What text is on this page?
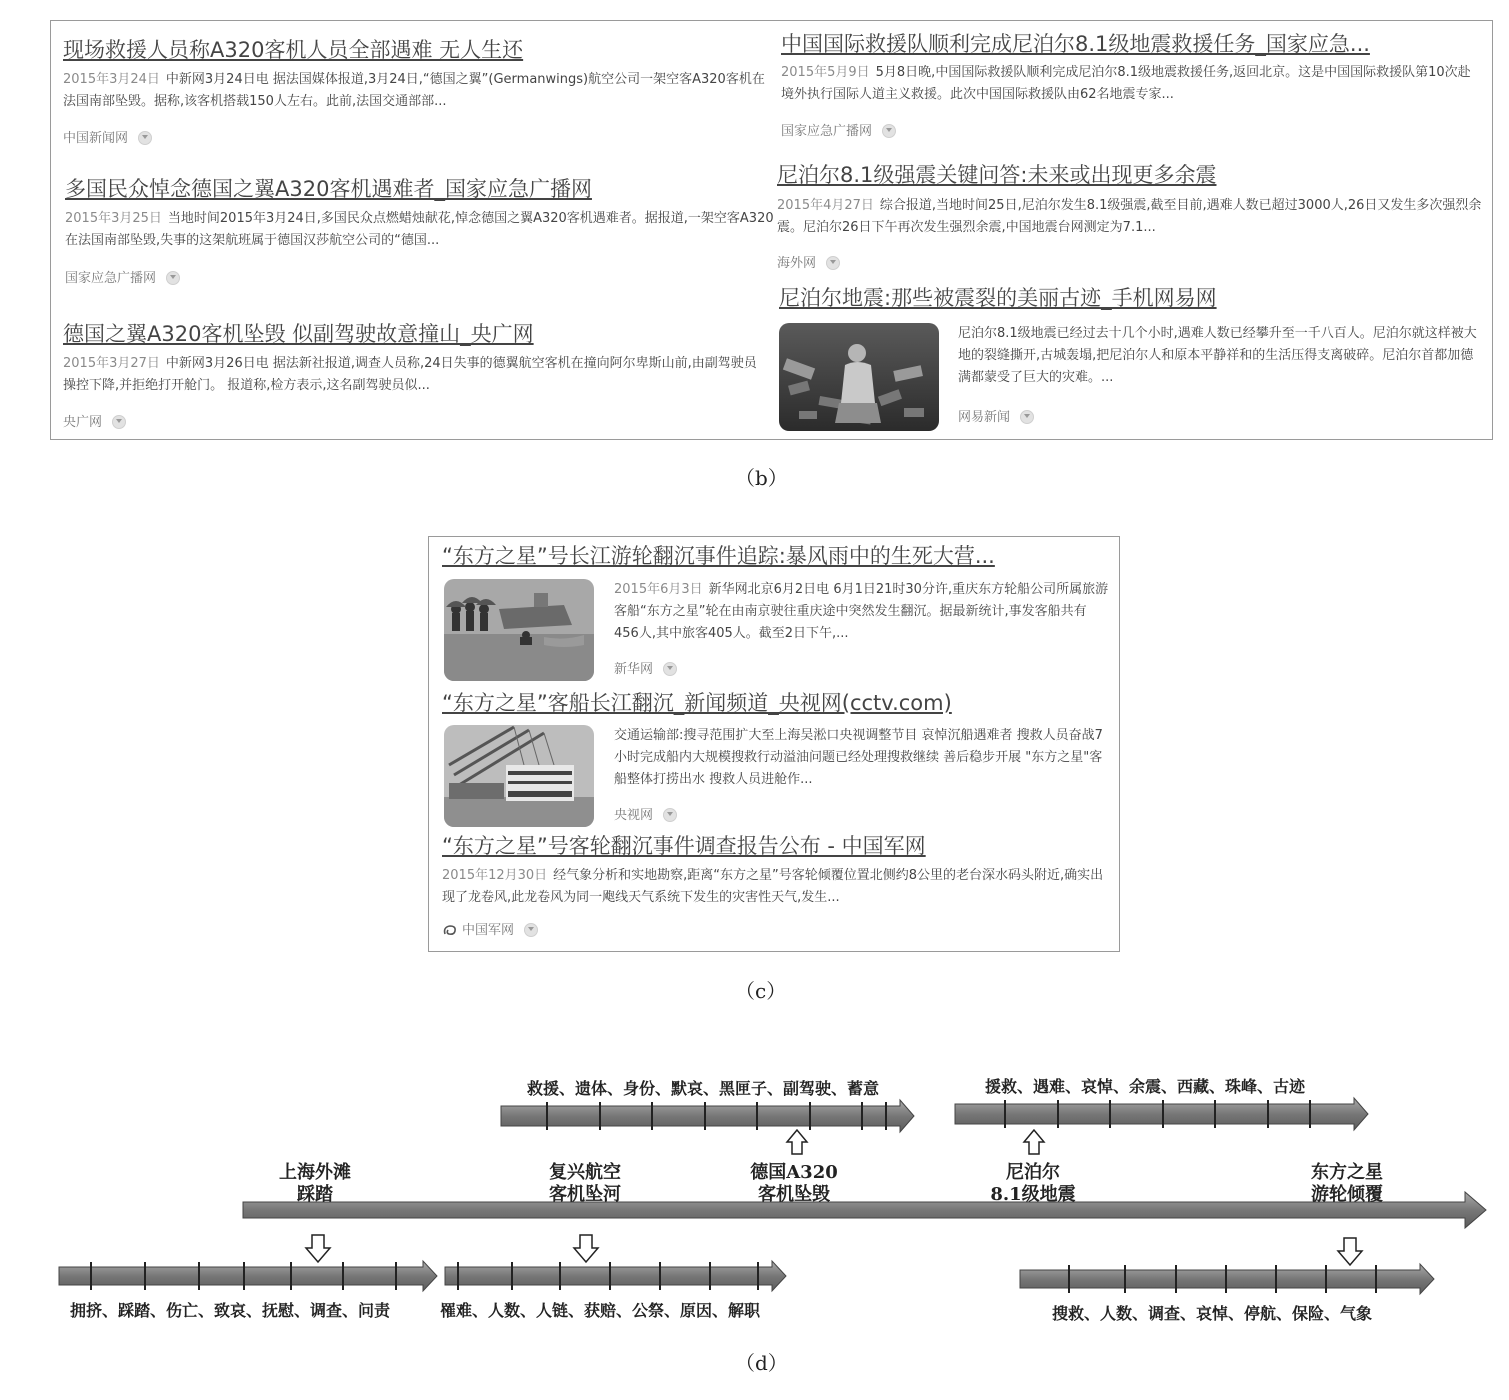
现场救援人员称A320客机人员全部遇难 无人生还
2015年3月24日 中新网3月24日电 据法国媒体报道,3月24日,“德国之翼”(Germanwings)航空公司一架空客A320客机在法国南部坠毁。据称,该客机搭载150人左右。此前,法国交通部部...
中国新闻网
多国民众悼念德国之翼A320客机遇难者_国家应急广播网
2015年3月25日 当地时间2015年3月24日,多国民众点燃蜡烛献花,悼念德国之翼A320客机遇难者。据报道,一架空客A320在法国南部坠毁,失事的这架航班属于德国汉莎航空公司的“德国...
国家应急广播网
德国之翼A320客机坠毁 似副驾驶故意撞山_央广网
2015年3月27日 中新网3月26日电 据法新社报道,调查人员称,24日失事的德翼航空客机在撞向阿尔卑斯山前,由副驾驶员操控下降,并拒绝打开舱门。 报道称,检方表示,这名副驾驶员似...
央广网
中国国际救援队顺利完成尼泊尔8.1级地震救援任务_国家应急...
2015年5月9日 5月8日晚,中国国际救援队顺利完成尼泊尔8.1级地震救援任务,返回北京。这是中国国际救援队第10次赴境外执行国际人道主义救援。此次中国国际救援队由62名地震专家...
国家应急广播网
尼泊尔8.1级强震关键问答:未来或出现更多余震
2015年4月27日 综合报道,当地时间25日,尼泊尔发生8.1级强震,截至目前,遇难人数已超过3000人,26日又发生多次强烈余震。尼泊尔26日下午再次发生强烈余震,中国地震台网测定为7.1...
海外网
尼泊尔地震:那些被震裂的美丽古迹_手机网易网
尼泊尔8.1级地震已经过去十几个小时,遇难人数已经攀升至一千八百人。尼泊尔就这样被大地的裂缝撕开,古城轰塌,把尼泊尔人和原本平静祥和的生活压得支离破碎。尼泊尔首都加德满都蒙受了巨大的灾难。...
网易新闻
（b）
“东方之星”号长江游轮翻沉事件追踪:暴风雨中的生死大营...
2015年6月3日 新华网北京6月2日电 6月1日21时30分许,重庆东方轮船公司所属旅游客船“东方之星”轮在由南京驶往重庆途中突然发生翻沉。据最新统计,事发客船共有456人,其中旅客405人。截至2日下午,...
新华网
“东方之星”客船长江翻沉_新闻频道_央视网(cctv.com)
交通运输部:搜寻范围扩大至上海吴淞口央视调整节目 哀悼沉船遇难者 搜救人员奋战7小时完成船内大规模搜救行动溢油问题已经处理搜救继续 善后稳步开展 "东方之星"客船整体打捞出水 搜救人员进舱作...
央视网
“东方之星”号客轮翻沉事件调查报告公布 - 中国军网
2015年12月30日 经气象分析和实地勘察,距离“东方之星”号客轮倾覆位置北侧约8公里的老台深水码头附近,确实出现了龙卷风,此龙卷风为同一飑线天气系统下发生的灾害性天气,发生...
中国军网
（c）
救援、遗体、身份、默哀、黑匣子、副驾驶、蓄意	援救、遇难、哀悼、余震、西藏、珠峰、古迹
拥挤、踩踏、伤亡、致哀、抚慰、调查、问责	罹难、人数、人链、获赔、公祭、原因、解职	搜救、人数、调查、哀悼、停航、保险、气象
上海外滩
踩踏
复兴航空
客机坠河
德国A320
客机坠毁
尼泊尔
8.1级地震
东方之星
游轮倾覆
（d）
